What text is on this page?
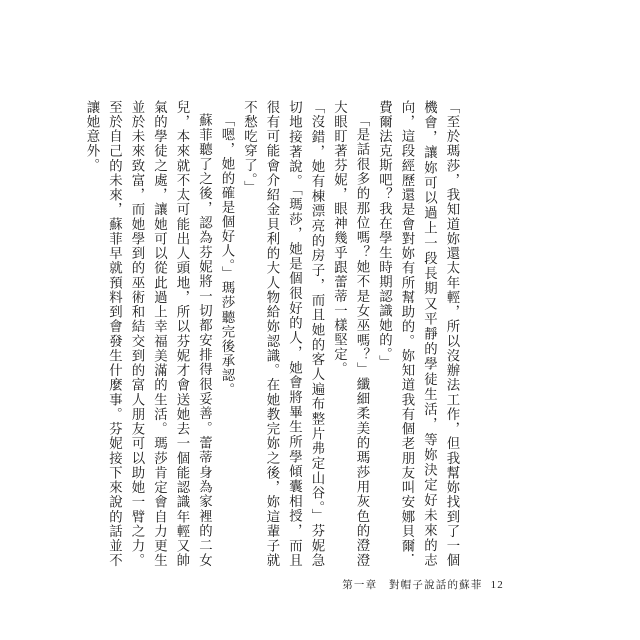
「至於瑪莎，我知道妳還太年輕，所以沒辦法工作，但我幫妳找到了一個機會，讓妳可以過上一段長期又平靜的學徒生活，等妳決定好未來的志向，這段經歷還是會對妳有所幫助的。妳知道我有個老朋友叫安娜貝爾．費爾法克斯吧？我在學生時期認識她的。」

「是話很多的那位嗎？她不是女巫嗎？」纖細柔美的瑪莎用灰色的澄澄大眼盯著芬妮，眼神幾乎跟蕾蒂一樣堅定。

「沒錯，她有棟漂亮的房子，而且她的客人遍布整片弗定山谷。」芬妮急切地接著說。「瑪莎，她是個很好的人，她會將畢生所學傾囊相授，而且很有可能會介紹金貝利的大人物給妳認識。在她教完妳之後，妳這輩子就不愁吃穿了。」

「嗯，她的確是個好人。」瑪莎聽完後承認。

蘇菲聽了之後，認為芬妮將一切都安排得很妥善。蕾蒂身為家裡的二女兒，本來就不太可能出人頭地，所以芬妮才會送她去一個能認識年輕又帥氣的學徒之處，讓她可以從此過上幸福美滿的生活。瑪莎肯定會自力更生並於未來致富，而她學到的巫術和結交到的富人朋友可以助她一臂之力。至於自己的未來，蘇菲早就預料到會發生什麼事。芬妮接下來說的話並不讓她意外。

第一章　對帽子說話的蘇菲 12
